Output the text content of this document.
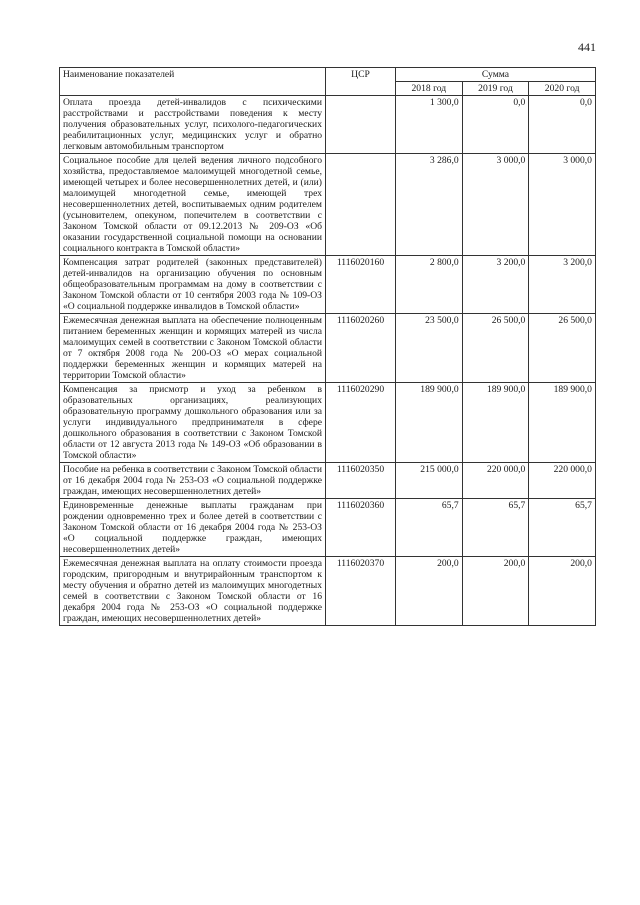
441
Наименование показателей	ЦСР	Сумма		
		2018 год	2019 год	2020 год
Оплата проезда детей-инвалидов с психическими расстройствами и расстройствами поведения к месту получения образовательных услуг, психолого-педагогических реабилитационных услуг, медицинских услуг и обратно легковым автомобильным транспортом		1 300,0	0,0	0,0
Социальное пособие для целей ведения личного подсобного хозяйства, предоставляемое малоимущей многодетной семье, имеющей четырех и более несовершеннолетних детей, и (или) малоимущей многодетной семье, имеющей трех несовершеннолетних детей, воспитываемых одним родителем (усыновителем, опекуном, попечителем в соответствии с Законом Томской области от 09.12.2013 № 209-ОЗ «Об оказании государственной социальной помощи на основании социального контракта в Томской области»		3 286,0	3 000,0	3 000,0
Компенсация затрат родителей (законных представителей) детей-инвалидов на организацию обучения по основным общеобразовательным программам на дому в соответствии с Законом Томской области от 10 сентября 2003 года № 109-ОЗ «О социальной поддержке инвалидов в Томской области»	1116020160	2 800,0	3 200,0	3 200,0
Ежемесячная денежная выплата на обеспечение полноценным питанием беременных женщин и кормящих матерей из числа малоимущих семей в соответствии с Законом Томской области от 7 октября 2008 года № 200-ОЗ «О мерах социальной поддержки беременных женщин и кормящих матерей на территории Томской области»	1116020260	23 500,0	26 500,0	26 500,0
Компенсация за присмотр и уход за ребенком в образовательных организациях, реализующих образовательную программу дошкольного образования или за услуги индивидуального предпринимателя в сфере дошкольного образования в соответствии с Законом Томской области от 12 августа 2013 года № 149-ОЗ «Об образовании в Томской области»	1116020290	189 900,0	189 900,0	189 900,0
Пособие на ребенка в соответствии с Законом Томской области от 16 декабря 2004 года № 253-ОЗ «О социальной поддержке граждан, имеющих несовершеннолетних детей»	1116020350	215 000,0	220 000,0	220 000,0
Единовременные денежные выплаты гражданам при рождении одновременно трех и более детей в соответствии с Законом Томской области от 16 декабря 2004 года № 253-ОЗ «О социальной поддержке граждан, имеющих несовершеннолетних детей»	1116020360	65,7	65,7	65,7
Ежемесячная денежная выплата на оплату стоимости проезда городским, пригородным и внутрирайонным транспортом к месту обучения и обратно детей из малоимущих многодетных семей в соответствии с Законом Томской области от 16 декабря 2004 года № 253-ОЗ «О социальной поддержке граждан, имеющих несовершеннолетних детей»	1116020370	200,0	200,0	200,0
